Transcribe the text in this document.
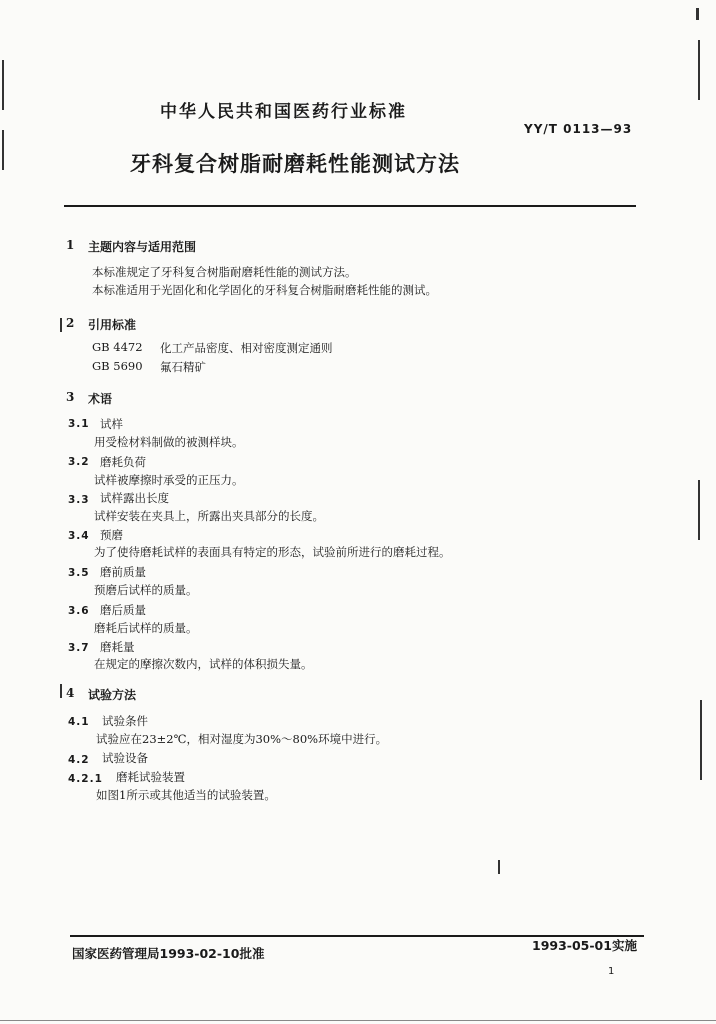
中华人民共和国医药行业标准
YY/T 0113—93
牙科复合树脂耐磨耗性能测试方法
1 主题内容与适用范围
本标准规定了牙科复合树脂耐磨耗性能的测试方法。
本标准适用于光固化和化学固化的牙科复合树脂耐磨耗性能的测试。
2 引用标准
GB 4472 化工产品密度、相对密度测定通则
GB 5690 氟石精矿
3 术语
3.1 试样
用受检材料制做的被测样块。
3.2 磨耗负荷
试样被摩擦时承受的正压力。
3.3 试样露出长度
试样安装在夹具上，所露出夹具部分的长度。
3.4 预磨
为了使待磨耗试样的表面具有特定的形态，试验前所进行的磨耗过程。
3.5 磨前质量
预磨后试样的质量。
3.6 磨后质量
磨耗后试样的质量。
3.7 磨耗量
在规定的摩擦次数内，试样的体积损失量。
4 试验方法
4.1 试验条件
试验应在23±2℃，相对湿度为30%～80%环境中进行。
4.2 试验设备
4.2.1 磨耗试验装置
如图1所示或其他适当的试验装置。
国家医药管理局1993-02-10批准
1993-05-01实施
1
